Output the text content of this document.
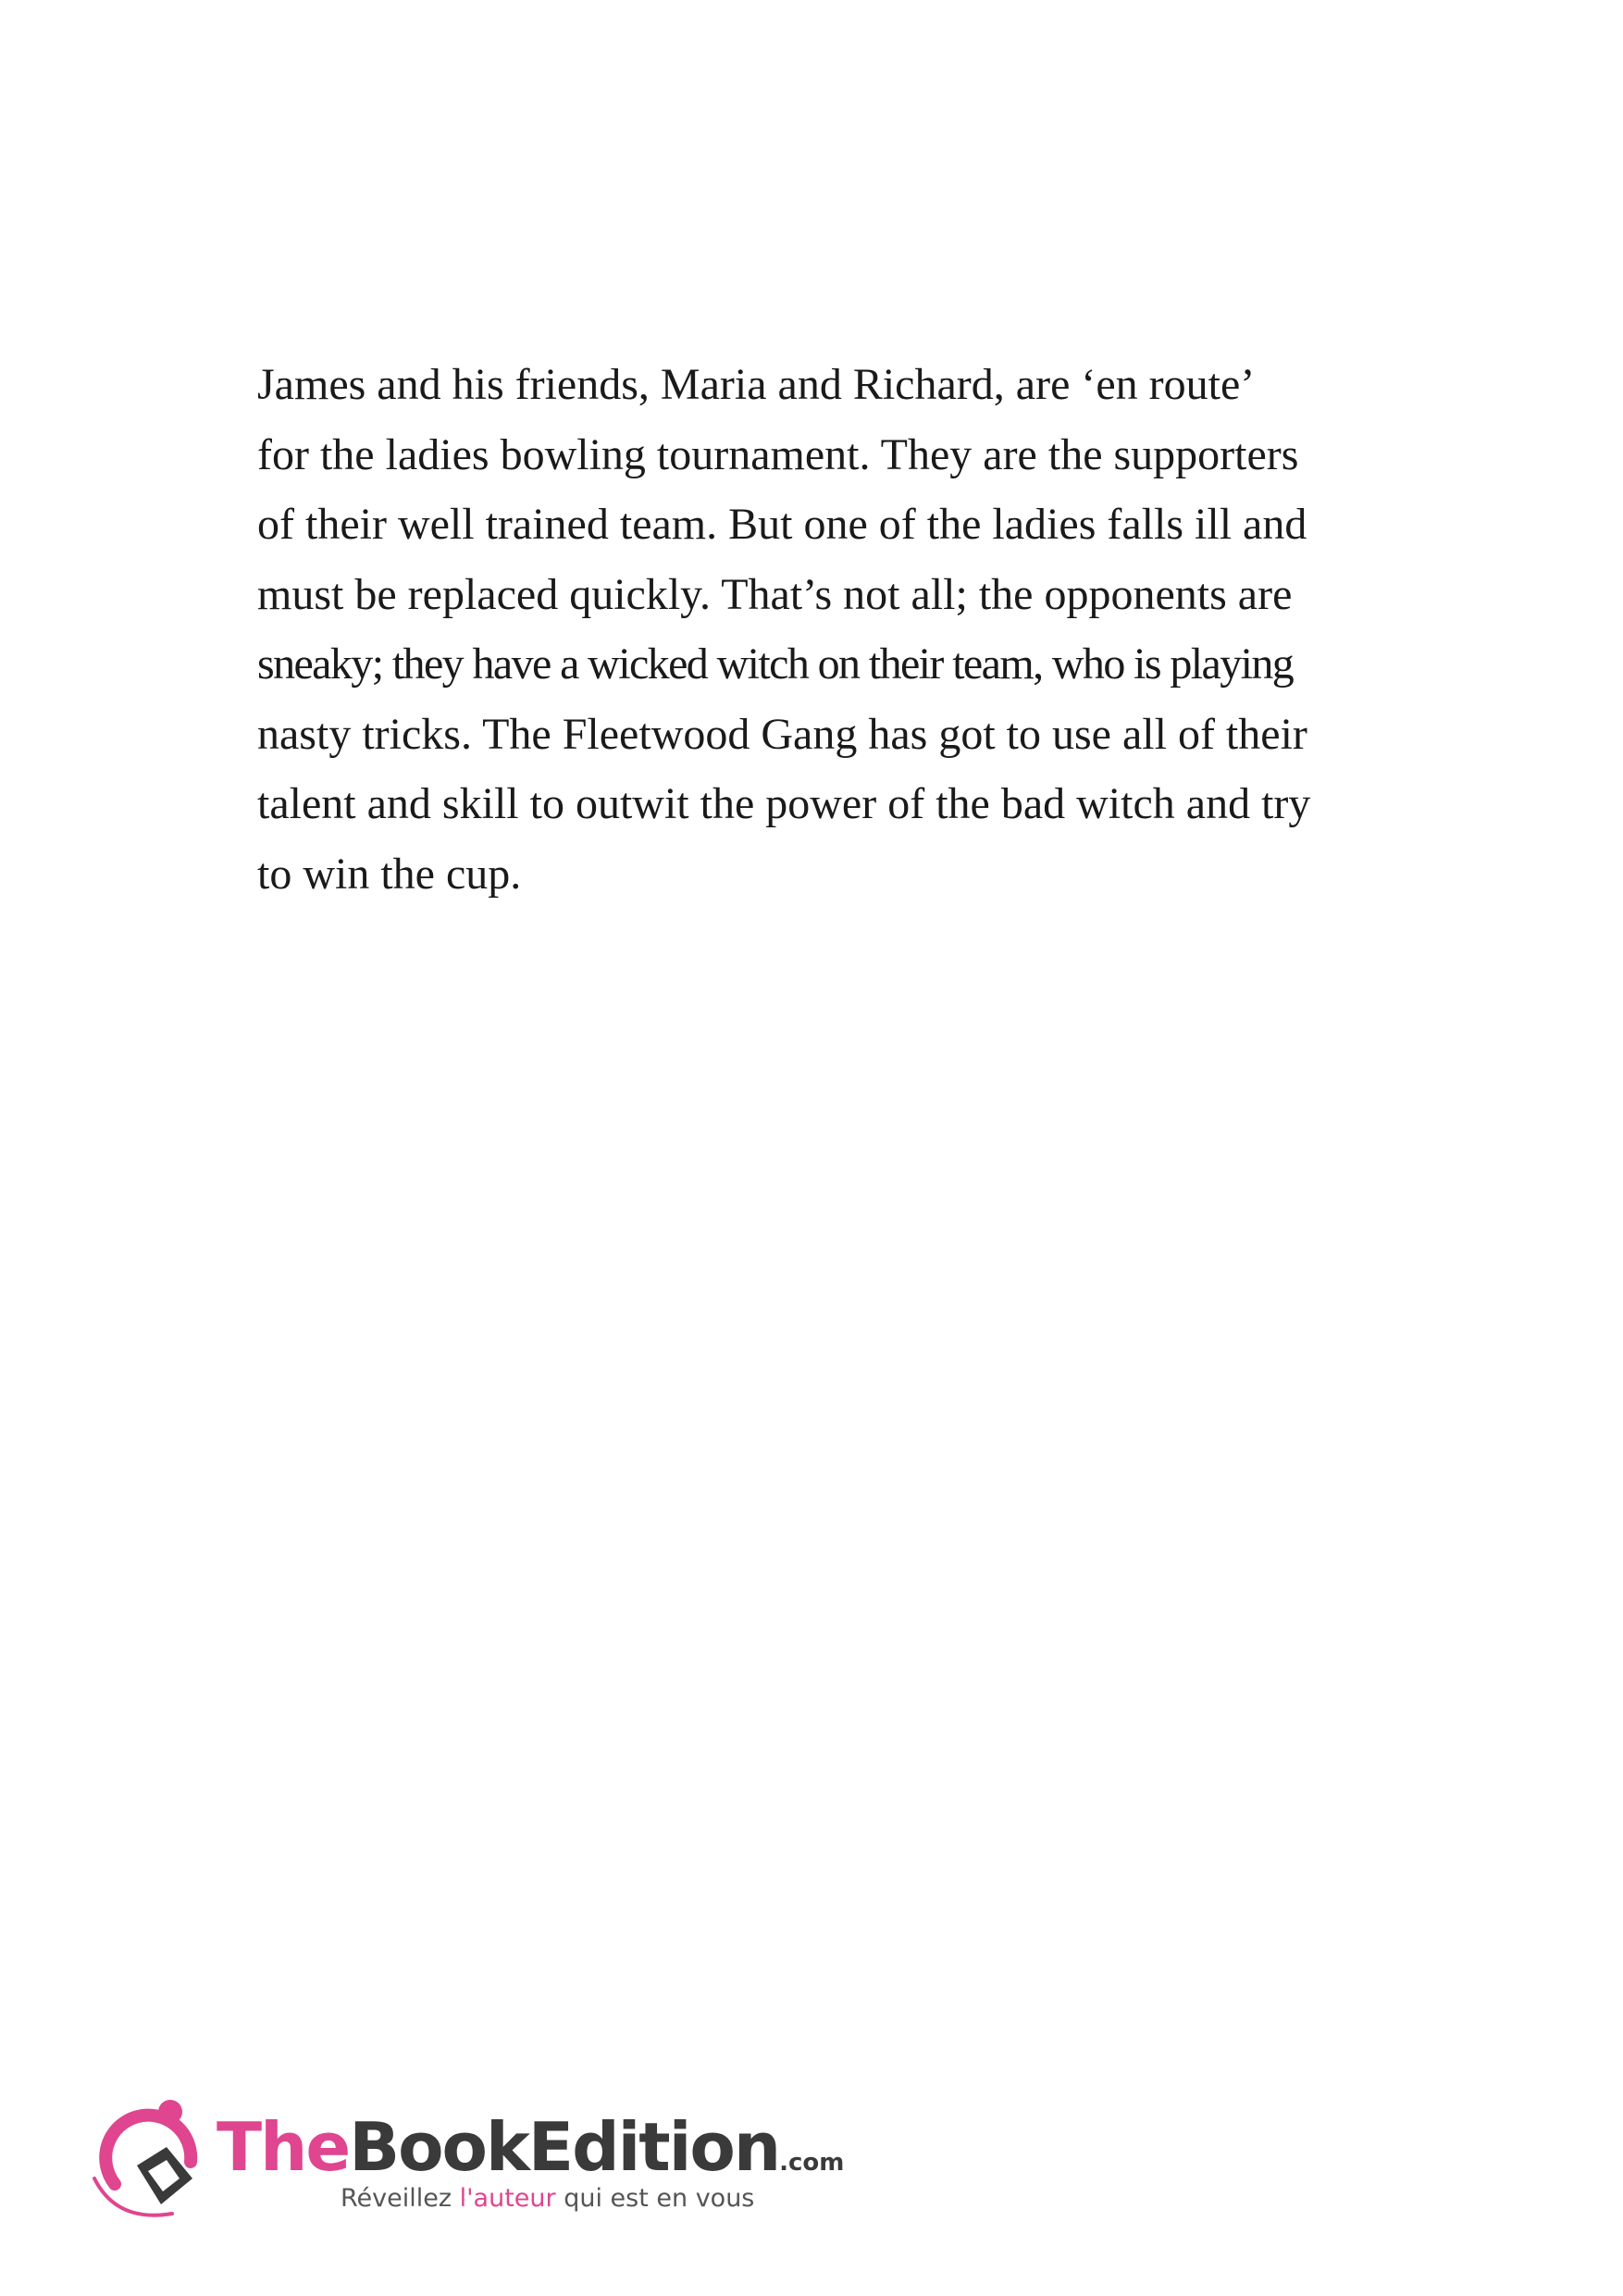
James and his friends, Maria and Richard, are ‘en route’
for the ladies bowling tournament. They are the supporters
of their well trained team. But one of the ladies falls ill and
must be replaced quickly. That’s not all; the opponents are
sneaky; they have a wicked witch on their team, who is playing
nasty tricks. The Fleetwood Gang has got to use all of their
talent and skill to outwit the power of the bad witch and try
to win the cup.
TheBookEdition.com
Réveillez l'auteur qui est en vous
